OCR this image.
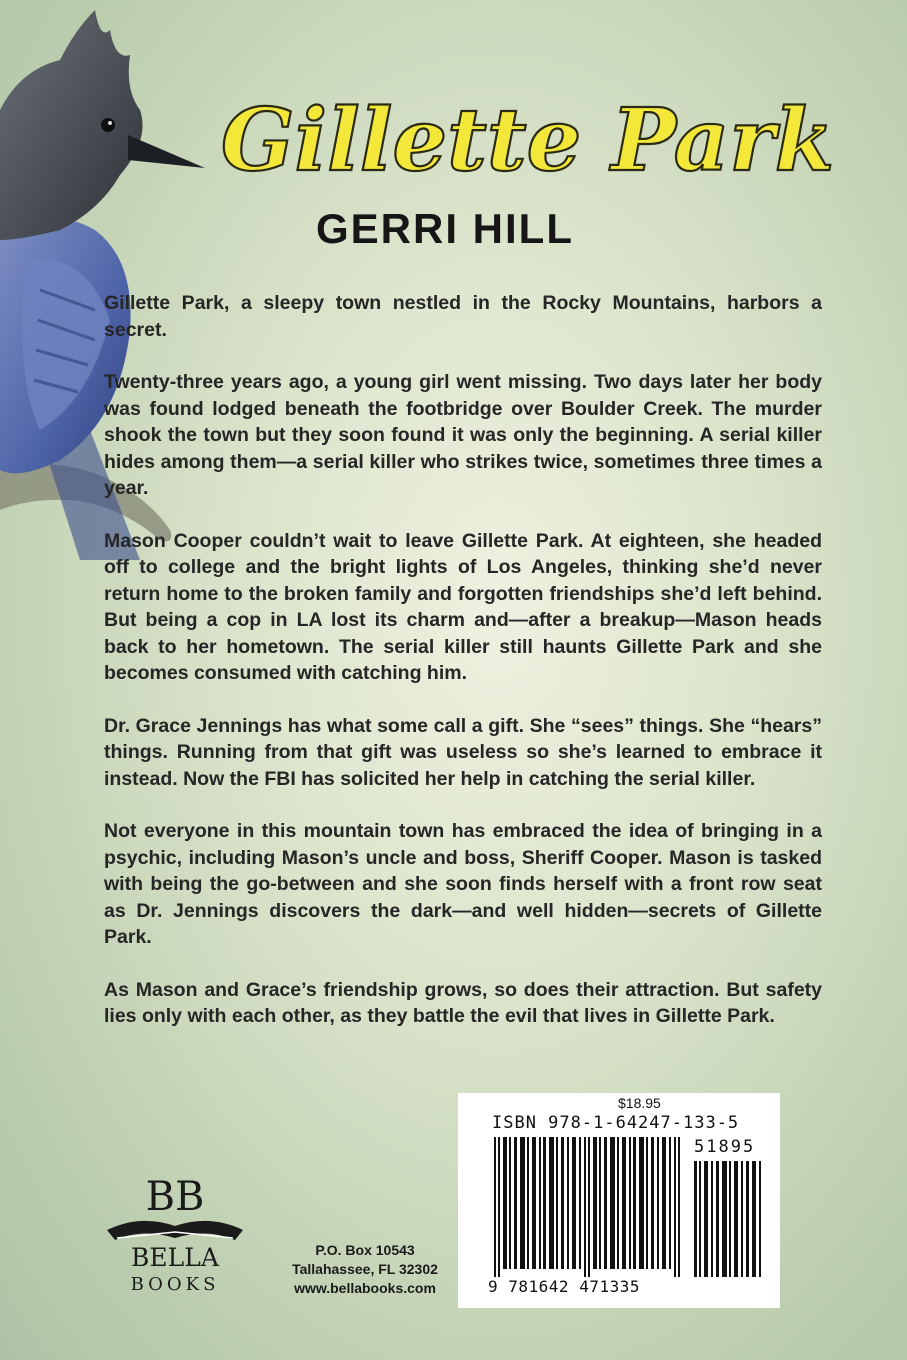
Gillette Park
GERRI HILL

Gillette Park, a sleepy town nestled in the Rocky Mountains, harbors a secret.

Twenty-three years ago, a young girl went missing. Two days later her body was found lodged beneath the footbridge over Boulder Creek. The murder shook the town but they soon found it was only the beginning. A serial killer hides among them—a serial killer who strikes twice, sometimes three times a year.

Mason Cooper couldn’t wait to leave Gillette Park. At eighteen, she headed off to college and the bright lights of Los Angeles, thinking she’d never return home to the broken family and forgotten friendships she’d left behind. But being a cop in LA lost its charm and—after a breakup—Mason heads back to her hometown. The serial killer still haunts Gillette Park and she becomes consumed with catching him.

Dr. Grace Jennings has what some call a gift. She “sees” things. She “hears” things. Running from that gift was useless so she’s learned to embrace it instead. Now the FBI has solicited her help in catching the serial killer.

Not everyone in this mountain town has embraced the idea of bringing in a psychic, including Mason’s uncle and boss, Sheriff Cooper. Mason is tasked with being the go-between and she soon finds herself with a front row seat as Dr. Jennings discovers the dark—and well hidden—secrets of Gillette Park.

As Mason and Grace’s friendship grows, so does their attraction. But safety lies only with each other, as they battle the evil that lives in Gillette Park.

$18.95
ISBN 978-1-64247-133-5
51895
9 781642 471335
BB
BELLA
BOOKS
P.O. Box 10543
Tallahassee, FL 32302
www.bellabooks.com
